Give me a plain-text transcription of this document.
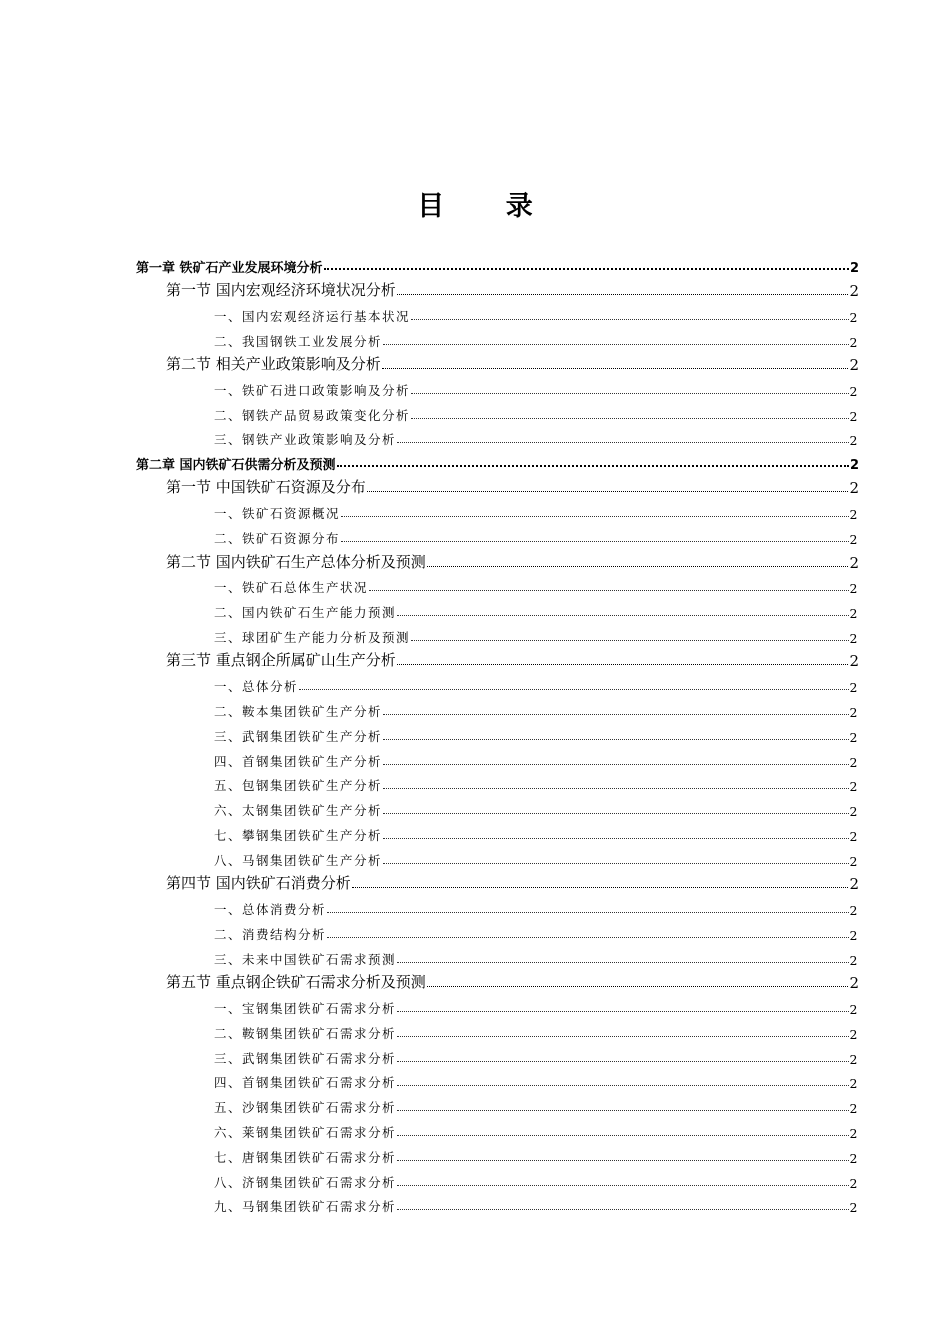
目 录
第一章 铁矿石产业发展环境分析	2
第一节 国内宏观经济环境状况分析	2
一、国内宏观经济运行基本状况	2
二、我国钢铁工业发展分析	2
第二节 相关产业政策影响及分析	2
一、铁矿石进口政策影响及分析	2
二、钢铁产品贸易政策变化分析	2
三、钢铁产业政策影响及分析	2
第二章 国内铁矿石供需分析及预测	2
第一节 中国铁矿石资源及分布	2
一、铁矿石资源概况	2
二、铁矿石资源分布	2
第二节 国内铁矿石生产总体分析及预测	2
一、铁矿石总体生产状况	2
二、国内铁矿石生产能力预测	2
三、球团矿生产能力分析及预测	2
第三节 重点钢企所属矿山生产分析	2
一、总体分析	2
二、鞍本集团铁矿生产分析	2
三、武钢集团铁矿生产分析	2
四、首钢集团铁矿生产分析	2
五、包钢集团铁矿生产分析	2
六、太钢集团铁矿生产分析	2
七、攀钢集团铁矿生产分析	2
八、马钢集团铁矿生产分析	2
第四节 国内铁矿石消费分析	2
一、总体消费分析	2
二、消费结构分析	2
三、未来中国铁矿石需求预测	2
第五节 重点钢企铁矿石需求分析及预测	2
一、宝钢集团铁矿石需求分析	2
二、鞍钢集团铁矿石需求分析	2
三、武钢集团铁矿石需求分析	2
四、首钢集团铁矿石需求分析	2
五、沙钢集团铁矿石需求分析	2
六、莱钢集团铁矿石需求分析	2
七、唐钢集团铁矿石需求分析	2
八、济钢集团铁矿石需求分析	2
九、马钢集团铁矿石需求分析	2
